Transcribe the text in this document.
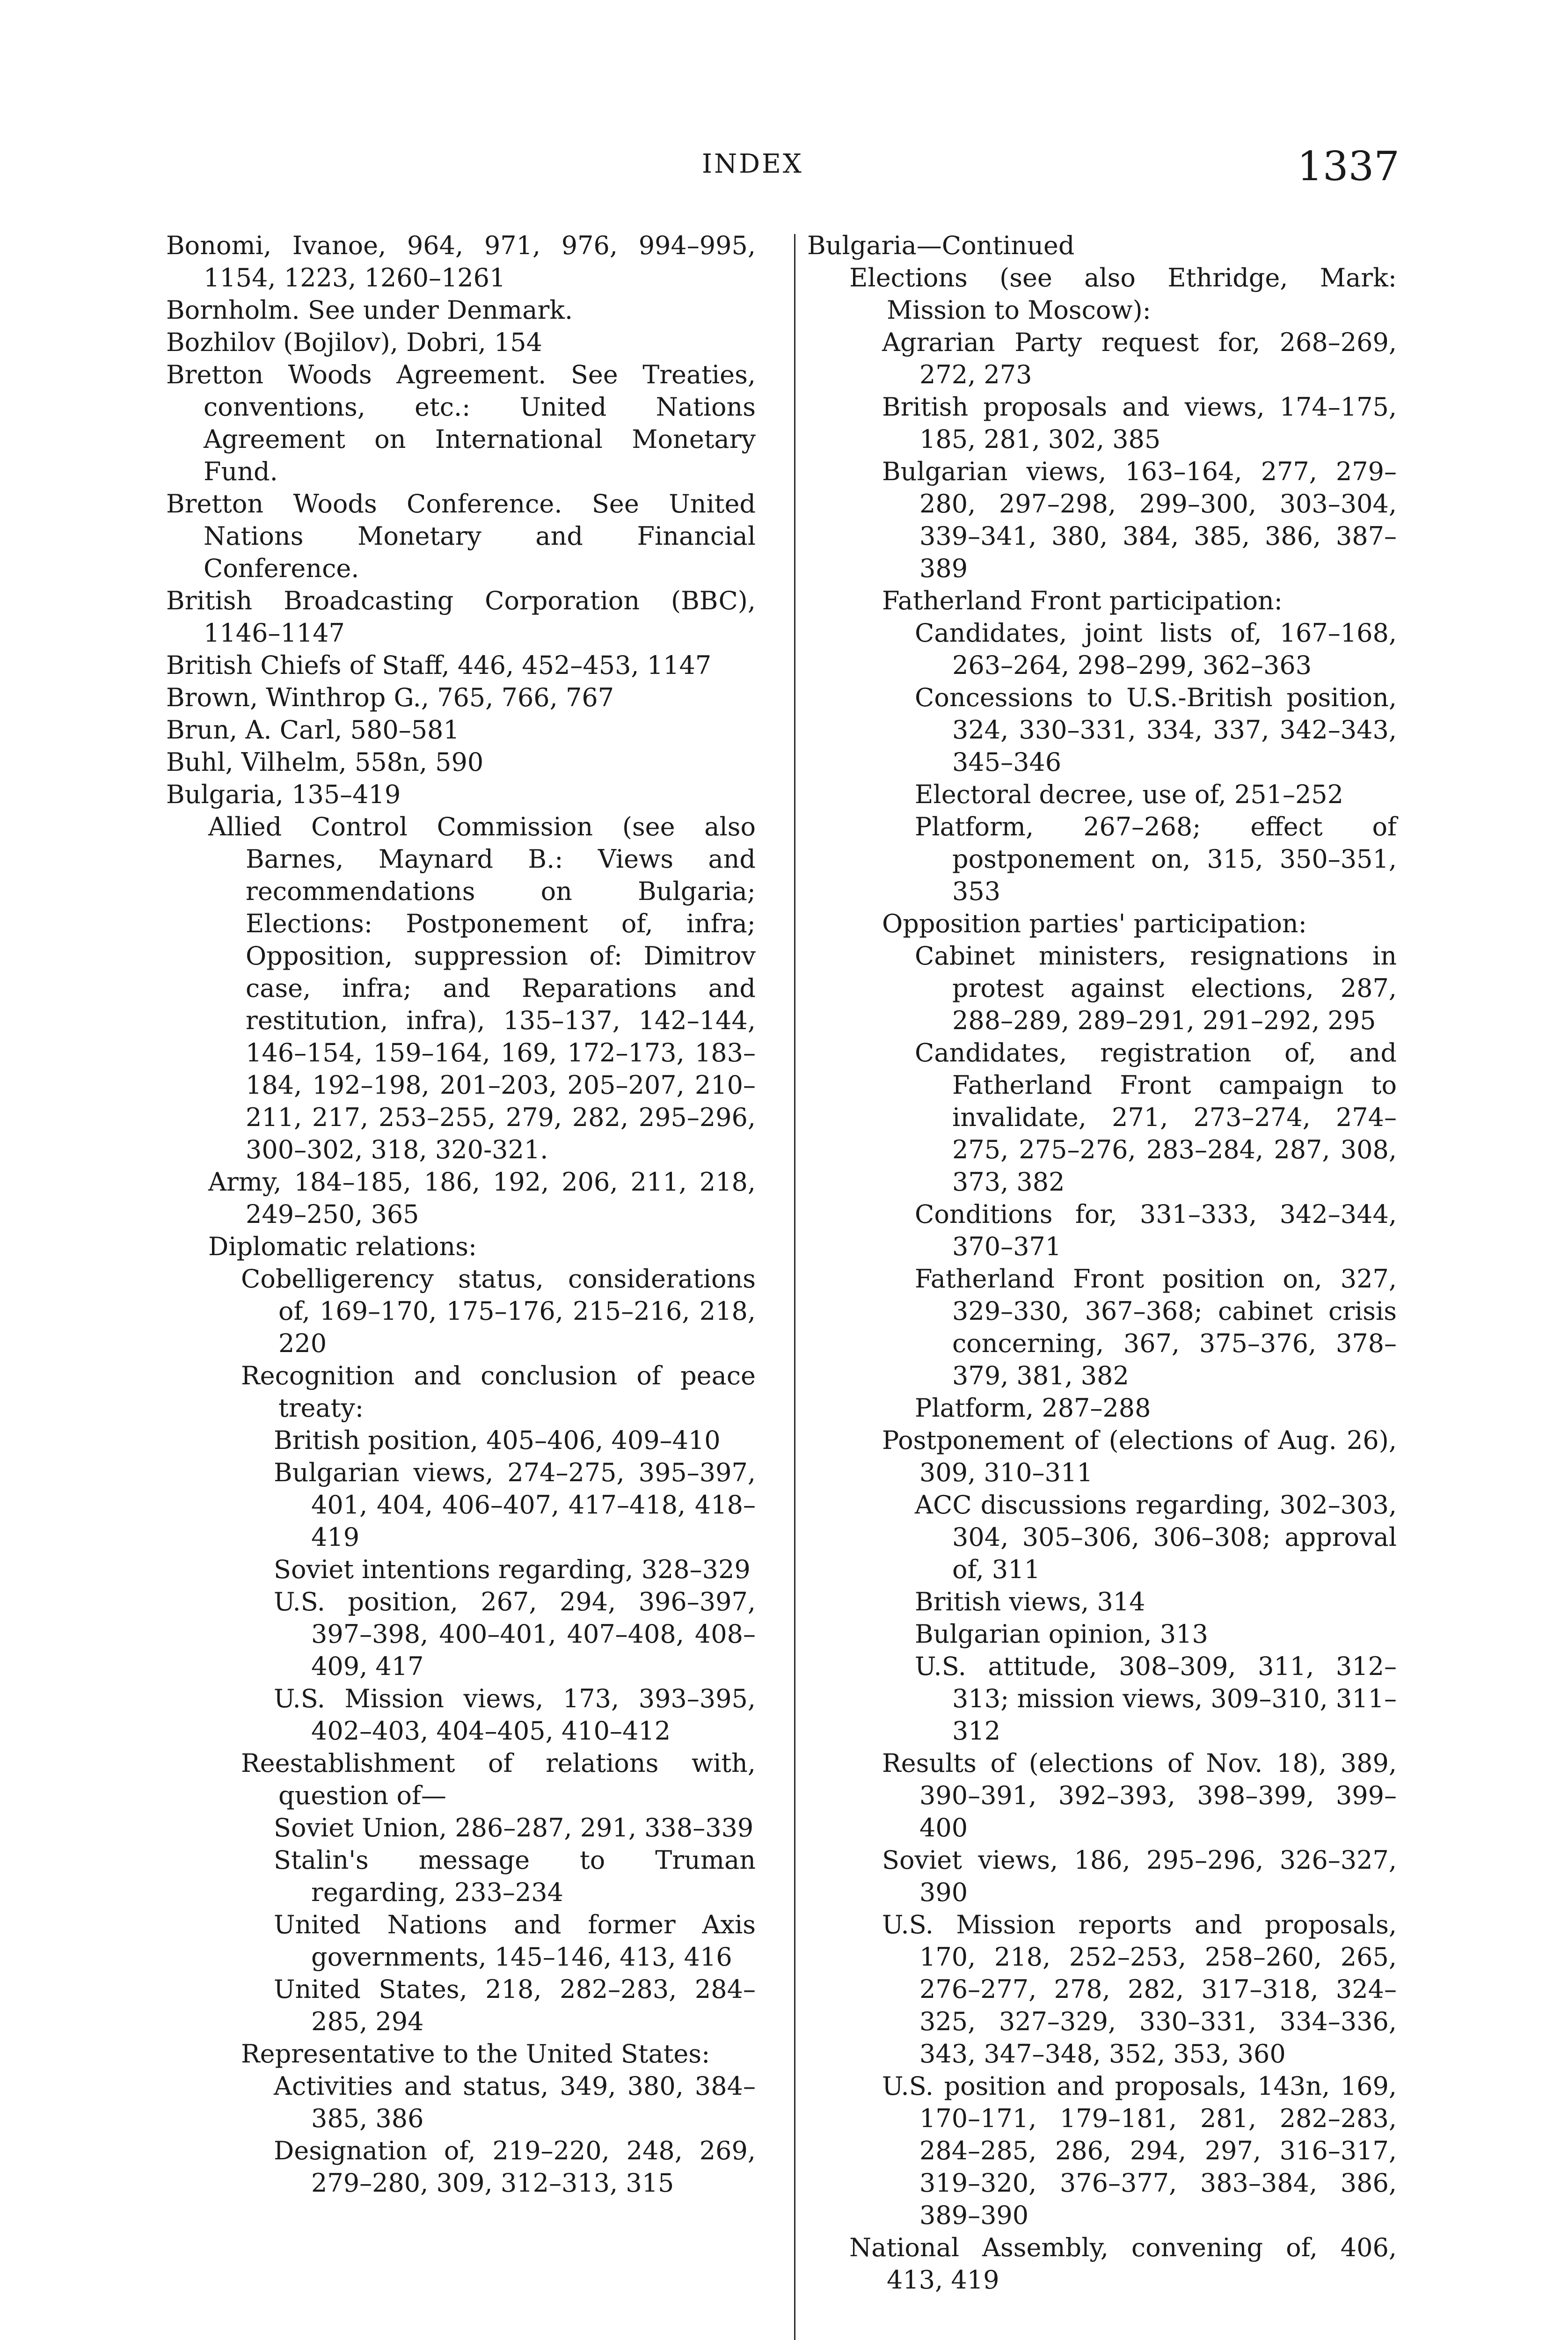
INDEX	1337
Bonomi, Ivanoe, 964, 971, 976, 994–995, 1154, 1223, 1260–1261
Bornholm. See under Denmark.
Bozhilov (Bojilov), Dobri, 154
Bretton Woods Agreement. See Treaties, conventions, etc.: United Nations Agreement on International Monetary Fund.
Bretton Woods Conference. See United Nations Monetary and Financial Conference.
British Broadcasting Corporation (BBC), 1146–1147
British Chiefs of Staff, 446, 452–453, 1147
Brown, Winthrop G., 765, 766, 767
Brun, A. Carl, 580–581
Buhl, Vilhelm, 558n, 590
Bulgaria, 135–419
Allied Control Commission (see also Barnes, Maynard B.: Views and recommendations on Bulgaria; Elections: Postponement of, infra; Opposition, suppression of: Dimitrov case, infra; and Reparations and restitution, infra), 135–137, 142–144, 146–154, 159–164, 169, 172–173, 183–184, 192–198, 201–203, 205–207, 210–211, 217, 253–255, 279, 282, 295–296, 300–302, 318, 320-321.
Army, 184–185, 186, 192, 206, 211, 218, 249–250, 365
Diplomatic relations:
Cobelligerency status, considerations of, 169–170, 175–176, 215–216, 218, 220
Recognition and conclusion of peace treaty:
British position, 405–406, 409–410
Bulgarian views, 274–275, 395–397, 401, 404, 406–407, 417–418, 418–419
Soviet intentions regarding, 328–329
U.S. position, 267, 294, 396–397, 397–398, 400–401, 407–408, 408–409, 417
U.S. Mission views, 173, 393–395, 402–403, 404–405, 410–412
Reestablishment of relations with, question of—
Soviet Union, 286–287, 291, 338–339
Stalin's message to Truman regarding, 233–234
United Nations and former Axis governments, 145–146, 413, 416
United States, 218, 282–283, 284–285, 294
Representative to the United States:
Activities and status, 349, 380, 384–385, 386
Designation of, 219–220, 248, 269, 279–280, 309, 312–313, 315
Bulgaria—Continued
Elections (see also Ethridge, Mark: Mission to Moscow):
Agrarian Party request for, 268–269, 272, 273
British proposals and views, 174–175, 185, 281, 302, 385
Bulgarian views, 163–164, 277, 279–280, 297–298, 299–300, 303–304, 339–341, 380, 384, 385, 386, 387–389
Fatherland Front participation:
Candidates, joint lists of, 167–168, 263–264, 298–299, 362–363
Concessions to U.S.-British position, 324, 330–331, 334, 337, 342–343, 345–346
Electoral decree, use of, 251–252
Platform, 267–268; effect of postponement on, 315, 350–351, 353
Opposition parties' participation:
Cabinet ministers, resignations in protest against elections, 287, 288–289, 289–291, 291–292, 295
Candidates, registration of, and Fatherland Front campaign to invalidate, 271, 273–274, 274–275, 275–276, 283–284, 287, 308, 373, 382
Conditions for, 331–333, 342–344, 370–371
Fatherland Front position on, 327, 329–330, 367–368; cabinet crisis concerning, 367, 375–376, 378–379, 381, 382
Platform, 287–288
Postponement of (elections of Aug. 26), 309, 310–311
ACC discussions regarding, 302–303, 304, 305–306, 306–308; approval of, 311
British views, 314
Bulgarian opinion, 313
U.S. attitude, 308–309, 311, 312–313; mission views, 309–310, 311–312
Results of (elections of Nov. 18), 389, 390–391, 392–393, 398–399, 399–400
Soviet views, 186, 295–296, 326–327, 390
U.S. Mission reports and proposals, 170, 218, 252–253, 258–260, 265, 276–277, 278, 282, 317–318, 324–325, 327–329, 330–331, 334–336, 343, 347–348, 352, 353, 360
U.S. position and proposals, 143n, 169, 170–171, 179–181, 281, 282–283, 284–285, 286, 294, 297, 316–317, 319–320, 376–377, 383–384, 386, 389–390
National Assembly, convening of, 406, 413, 419
